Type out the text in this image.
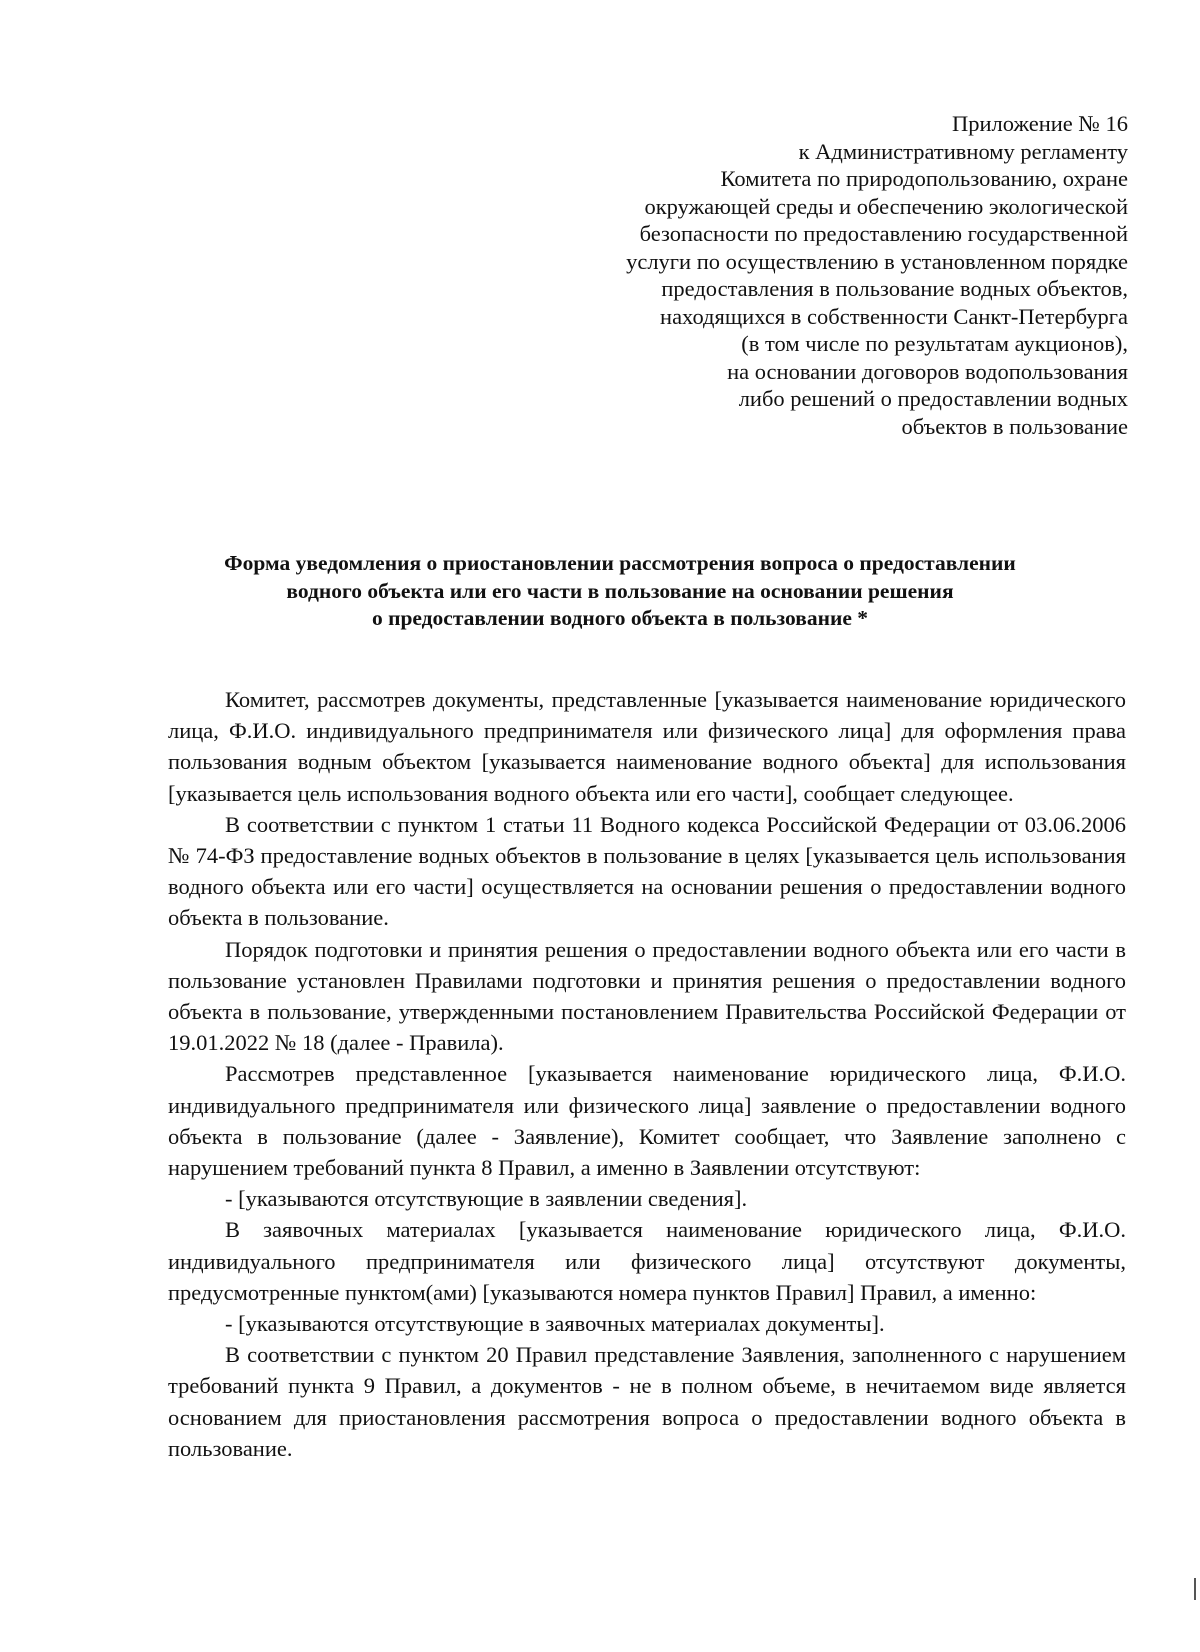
Приложение № 16
к Административному регламенту
Комитета по природопользованию, охране
окружающей среды и обеспечению экологической
безопасности по предоставлению государственной
услуги по осуществлению в установленном порядке
предоставления в пользование водных объектов,
находящихся в собственности Санкт-Петербурга
(в том числе по результатам аукционов),
на основании договоров водопользования
либо решений о предоставлении водных
объектов в пользование
Форма уведомления о приостановлении рассмотрения вопроса о предоставлении
водного объекта или его части в пользование на основании решения
о предоставлении водного объекта в пользование *

Комитет, рассмотрев документы, представленные [указывается наименование юридического лица, Ф.И.О. индивидуального предпринимателя или физического лица] для оформления права пользования водным объектом [указывается наименование водного объекта] для использования [указывается цель использования водного объекта или его части], сообщает следующее.

В соответствии с пунктом 1 статьи 11 Водного кодекса Российской Федерации от 03.06.2006 № 74-ФЗ предоставление водных объектов в пользование в целях [указывается цель использования водного объекта или его части] осуществляется на основании решения о предоставлении водного объекта в пользование.

Порядок подготовки и принятия решения о предоставлении водного объекта или его части в пользование установлен Правилами подготовки и принятия решения о предоставлении водного объекта в пользование, утвержденными постановлением Правительства Российской Федерации от 19.01.2022 № 18 (далее - Правила).

Рассмотрев представленное [указывается наименование юридического лица, Ф.И.О. индивидуального предпринимателя или физического лица] заявление о предоставлении водного объекта в пользование (далее - Заявление), Комитет сообщает, что Заявление заполнено с нарушением требований пункта 8 Правил, а именно в Заявлении отсутствуют:

- [указываются отсутствующие в заявлении сведения].

В заявочных материалах [указывается наименование юридического лица, Ф.И.О. индивидуального предпринимателя или физического лица] отсутствуют документы, предусмотренные пунктом(ами) [указываются номера пунктов Правил] Правил, а именно:

- [указываются отсутствующие в заявочных материалах документы].

В соответствии с пунктом 20 Правил представление Заявления, заполненного с нарушением требований пункта 9 Правил, а документов - не в полном объеме, в нечитаемом виде является основанием для приостановления рассмотрения вопроса о предоставлении водного объекта в пользование.
